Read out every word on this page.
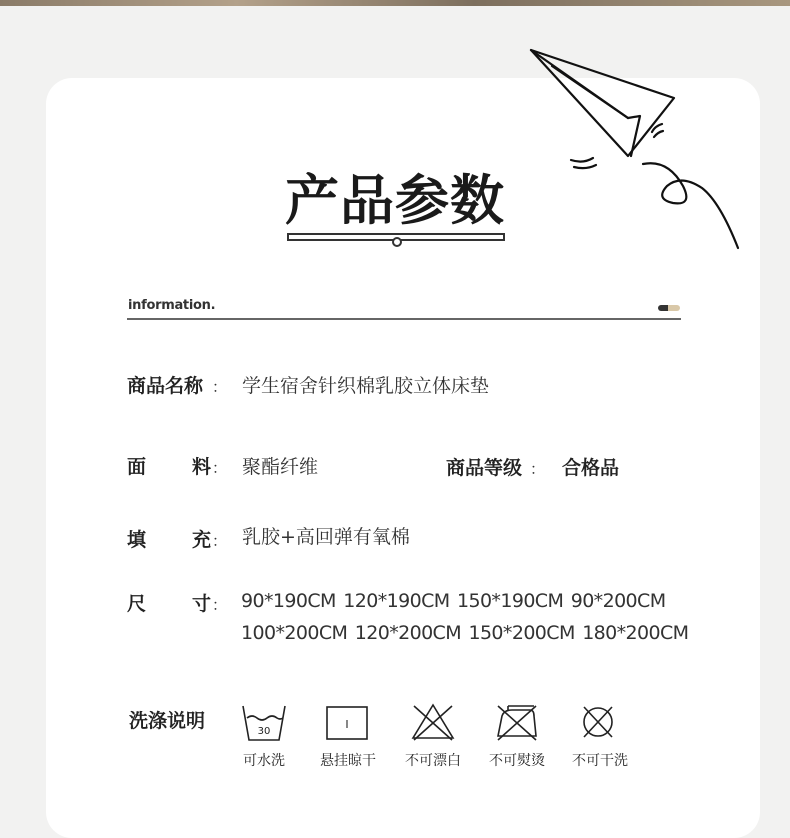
产品参数
information.
商品名称 ： 学生宿舍针织棉乳胶立体床垫
面 料 ： 聚酯纤维	商品等级 ： 合格品
填 充 ： 乳胶+高回弹有氧棉
尺 寸 ： 90*190CM 120*190CM 150*190CM 90*200CM
100*200CM 120*200CM 150*200CM 180*200CM
洗涤说明	30
可水洗
I
悬挂晾干	不可漂白	不可熨烫	不可干洗
